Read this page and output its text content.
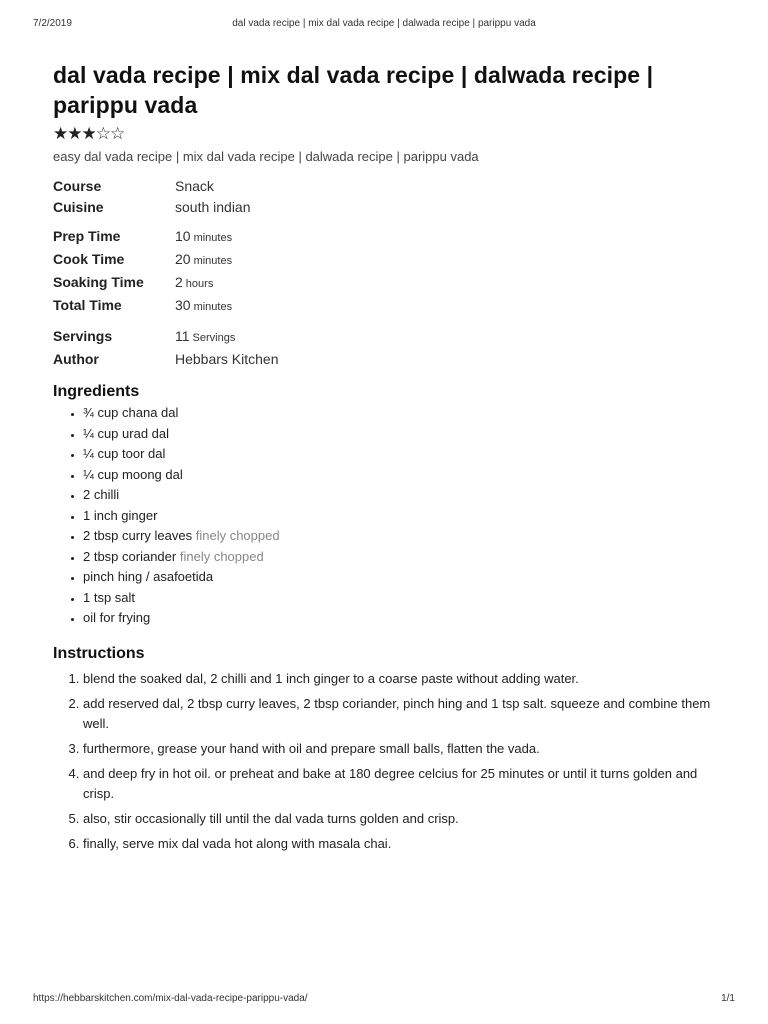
7/2/2019	dal vada recipe | mix dal vada recipe | dalwada recipe | parippu vada
dal vada recipe | mix dal vada recipe | dalwada recipe | parippu vada
★★★☆☆
easy dal vada recipe | mix dal vada recipe | dalwada recipe | parippu vada
Course	Snack
Cuisine	south indian
Prep Time	10 minutes
Cook Time	20 minutes
Soaking Time	2 hours
Total Time	30 minutes
Servings	11 Servings
Author	Hebbars Kitchen
Ingredients
• ¾ cup chana dal
• ¼ cup urad dal
• ¼ cup toor dal
• ¼ cup moong dal
• 2 chilli
• 1 inch ginger
• 2 tbsp curry leaves finely chopped
• 2 tbsp coriander finely chopped
• pinch hing / asafoetida
• 1 tsp salt
• oil for frying
Instructions
1. blend the soaked dal, 2 chilli and 1 inch ginger to a coarse paste without adding water.
2. add reserved dal, 2 tbsp curry leaves, 2 tbsp coriander, pinch hing and 1 tsp salt. squeeze and combine them well.
3. furthermore, grease your hand with oil and prepare small balls, flatten the vada.
4. and deep fry in hot oil. or preheat and bake at 180 degree celcius for 25 minutes or until it turns golden and crisp.
5. also, stir occasionally till until the dal vada turns golden and crisp.
6. finally, serve mix dal vada hot along with masala chai.
https://hebbarskitchen.com/mix-dal-vada-recipe-parippu-vada/	1/1
